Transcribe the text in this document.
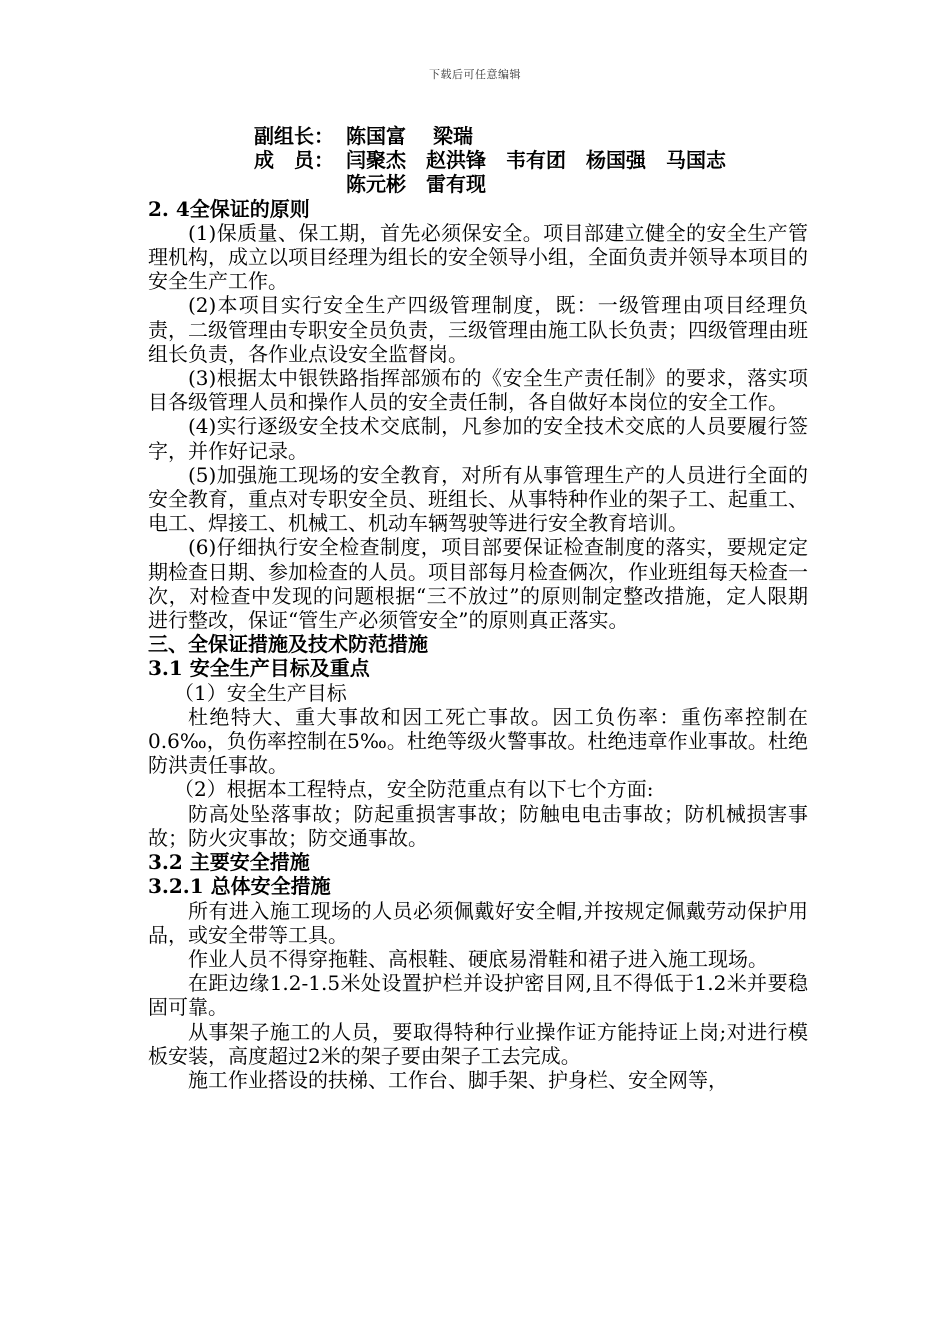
下载后可任意编辑

副组长： 陈国富　 梁瑞

成　员： 闫聚杰　赵洪锋　韦有团　杨国强　马国志

陈元彬　雷有现

2. 4全保证的原则

(1)保质量、保工期，首先必须保安全。项目部建立健全的安全生产管理机构，成立以项目经理为组长的安全领导小组，全面负责并领导本项目的安全生产工作。

(2)本项目实行安全生产四级管理制度，既：一级管理由项目经理负责，二级管理由专职安全员负责，三级管理由施工队长负责；四级管理由班组长负责，各作业点设安全监督岗。

(3)根据太中银铁路指挥部颁布的《安全生产责任制》的要求，落实项目各级管理人员和操作人员的安全责任制，各自做好本岗位的安全工作。

(4)实行逐级安全技术交底制，凡参加的安全技术交底的人员要履行签字，并作好记录。

(5)加强施工现场的安全教育，对所有从事管理生产的人员进行全面的安全教育，重点对专职安全员、班组长、从事特种作业的架子工、起重工、电工、焊接工、机械工、机动车辆驾驶等进行安全教育培训。

(6)仔细执行安全检查制度，项目部要保证检查制度的落实，要规定定期检查日期、参加检查的人员。项目部每月检查俩次，作业班组每天检查一次，对检查中发现的问题根据“三不放过”的原则制定整改措施，定人限期进行整改，保证“管生产必须管安全”的原则真正落实。

三、全保证措施及技术防范措施

3.1 安全生产目标及重点

（1）安全生产目标

杜绝特大、重大事故和因工死亡事故。因工负伤率：重伤率控制在0.6‰，负伤率控制在5‰。杜绝等级火警事故。杜绝违章作业事故。杜绝防洪责任事故。

（2）根据本工程特点，安全防范重点有以下七个方面:

防高处坠落事故；防起重损害事故；防触电电击事故；防机械损害事故；防火灾事故；防交通事故。

3.2 主要安全措施

3.2.1 总体安全措施

所有进入施工现场的人员必须佩戴好安全帽,并按规定佩戴劳动保护用品，或安全带等工具。

作业人员不得穿拖鞋、高根鞋、硬底易滑鞋和裙子进入施工现场。

在距边缘1.2-1.5米处设置护栏并设护密目网,且不得低于1.2米并要稳固可靠。

从事架子施工的人员，要取得特种行业操作证方能持证上岗;对进行模板安装，高度超过2米的架子要由架子工去完成。

施工作业搭设的扶梯、工作台、脚手架、护身栏、安全网等，
